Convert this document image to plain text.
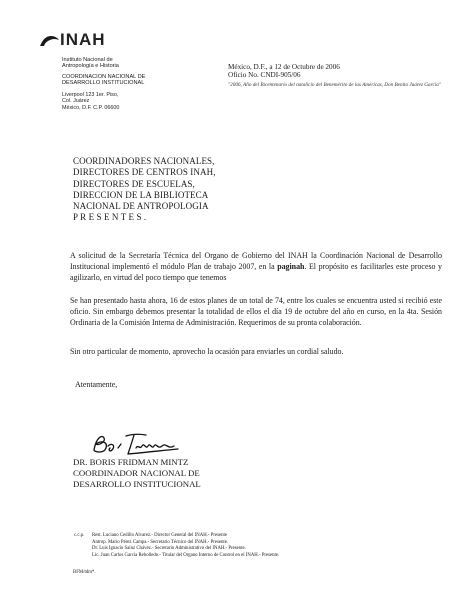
INAH
Instituto Nacional de
Antropología e Historia
COORDINACION NACIONAL DE
DESARROLLO INSTITUCIONAL
Liverpool 123 1er. Piso,
Col. Juárez
México, D.F. C.P. 06600
México, D.F., a 12 de Octubre de 2006
Oficio No. CNDI-905/06
"2006, Año del Bicentenario del natalicio del Benemérito de las Américas, Don Benito Juárez García"
COORDINADORES NACIONALES,
DIRECTORES DE CENTROS INAH,
DIRECTORES DE ESCUELAS,
DIRECCION DE LA BIBLIOTECA
NACIONAL DE ANTROPOLOGIA
P R E S E N T E S .
A solicitud de la Secretaría Técnica del Organo de Gobierno del INAH la Coordinación Nacional de Desarrollo Institucional implementó el módulo Plan de trabajo 2007, en la paginah. El propósito es facilitarles este proceso y agilizarlo, en virtud del poco tiempo que tenemos
Se han presentado hasta ahora, 16 de estos planes de un total de 74, entre los cuales se encuentra usted si recibió este oficio. Sin embargo debemos presentar la totalidad de ellos el día 19 de octubre del año en curso, en la 4ta. Sesión Ordinaria de la Comisión Interna de Administración. Requerimos de su pronta colaboración.
Sin otro particular de momento, aprovecho la ocasión para enviarles un cordial saludo.
Atentamente,
DR. BORIS FRIDMAN MINTZ
COORDINADOR NACIONAL DE
DESARROLLO INSTITUCIONAL
c.c.p.	Rest. Luciano Cedillo Alvarez.- Director General del INAH.- Presente
Antrop. Mario Pérez Campa.- Secretario Técnico del INAH.- Presente.
Dr. Luis Ignacio Sainz Chávez.- Secretario Administrativo del INAH.- Presente.
Lic. Juan Carlos García Rebolledo.- Titular del Organo Interno de Control en el INAH.- Presente.
BFM/tdm*.
